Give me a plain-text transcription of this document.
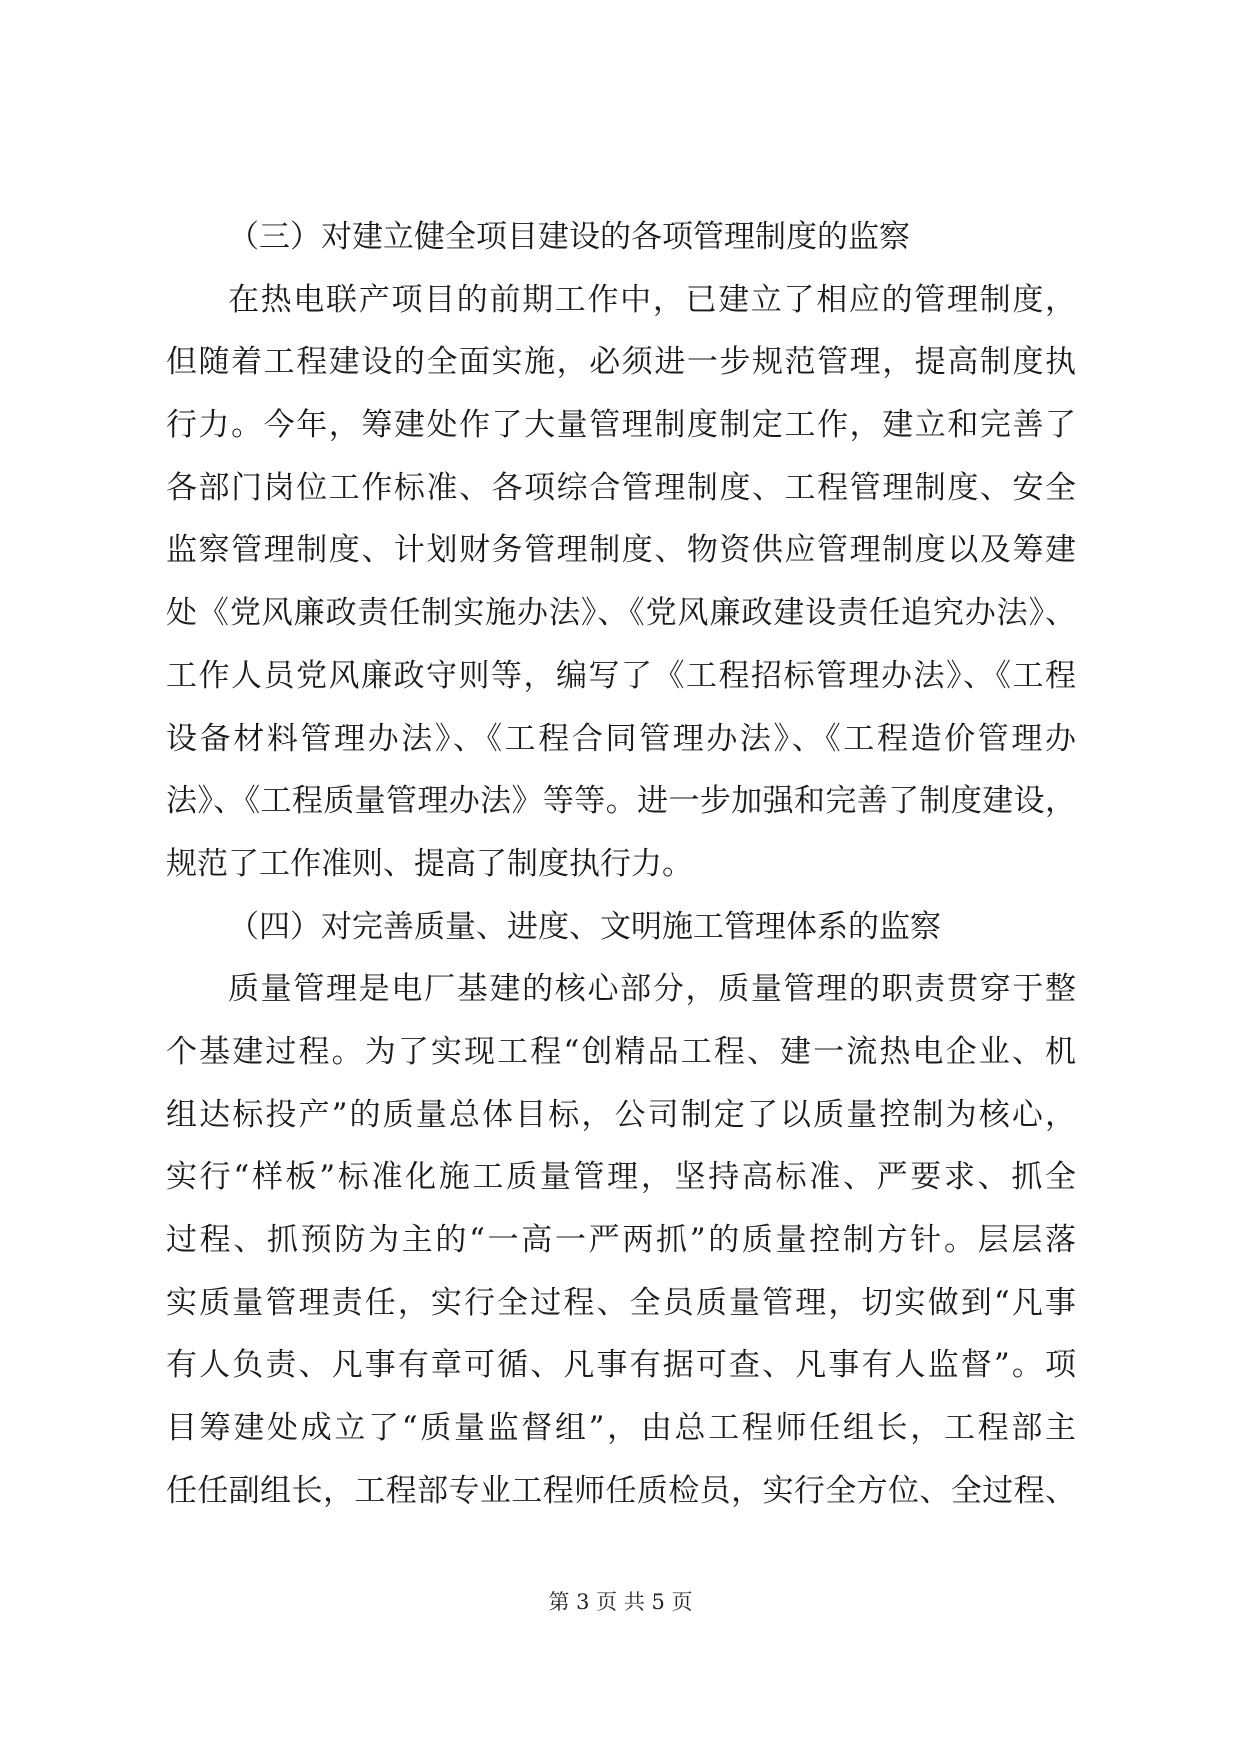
（三）对建立健全项目建设的各项管理制度的监察
在热电联产项目的前期工作中，已建立了相应的管理制度，
但随着工程建设的全面实施，必须进一步规范管理，提高制度执
行力。今年，筹建处作了大量管理制度制定工作，建立和完善了
各部门岗位工作标准、各项综合管理制度、工程管理制度、安全
监察管理制度、计划财务管理制度、物资供应管理制度以及筹建
处《党风廉政责任制实施办法》、《党风廉政建设责任追究办法》、
工作人员党风廉政守则等，编写了《工程招标管理办法》、《工程
设备材料管理办法》、《工程合同管理办法》、《工程造价管理办
法》、《工程质量管理办法》等等。进一步加强和完善了制度建设，
规范了工作准则、提高了制度执行力。
（四）对完善质量、进度、文明施工管理体系的监察
质量管理是电厂基建的核心部分，质量管理的职责贯穿于整
个基建过程。为了实现工程“创精品工程、建一流热电企业、机
组达标投产”的质量总体目标，公司制定了以质量控制为核心，
实行“样板”标准化施工质量管理，坚持高标准、严要求、抓全
过程、抓预防为主的“一高一严两抓”的质量控制方针。层层落
实质量管理责任，实行全过程、全员质量管理，切实做到“凡事
有人负责、凡事有章可循、凡事有据可查、凡事有人监督”。项
目筹建处成立了“质量监督组”，由总工程师任组长，工程部主
任任副组长，工程部专业工程师任质检员，实行全方位、全过程、
第 3 页 共 5 页
